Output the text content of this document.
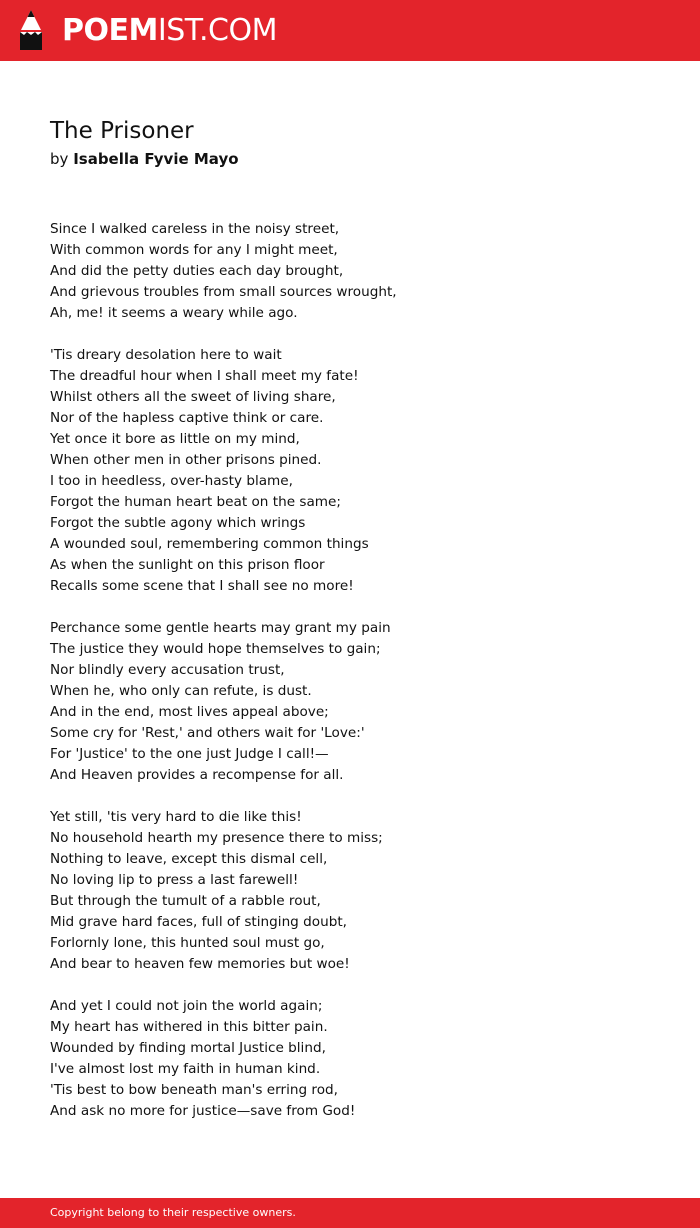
POEMIST.COM
The Prisoner
by Isabella Fyvie Mayo
Since I walked careless in the noisy street,
With common words for any I might meet,
And did the petty duties each day brought,
And grievous troubles from small sources wrought,
Ah, me! it seems a weary while ago.
'Tis dreary desolation here to wait
The dreadful hour when I shall meet my fate!
Whilst others all the sweet of living share,
Nor of the hapless captive think or care.
Yet once it bore as little on my mind,
When other men in other prisons pined.
I too in heedless, over-hasty blame,
Forgot the human heart beat on the same;
Forgot the subtle agony which wrings
A wounded soul, remembering common things
As when the sunlight on this prison floor
Recalls some scene that I shall see no more!
Perchance some gentle hearts may grant my pain
The justice they would hope themselves to gain;
Nor blindly every accusation trust,
When he, who only can refute, is dust.
And in the end, most lives appeal above;
Some cry for 'Rest,' and others wait for 'Love:'
For 'Justice' to the one just Judge I call!—
And Heaven provides a recompense for all.
Yet still, 'tis very hard to die like this!
No household hearth my presence there to miss;
Nothing to leave, except this dismal cell,
No loving lip to press a last farewell!
But through the tumult of a rabble rout,
Mid grave hard faces, full of stinging doubt,
Forlornly lone, this hunted soul must go,
And bear to heaven few memories but woe!
And yet I could not join the world again;
My heart has withered in this bitter pain.
Wounded by finding mortal Justice blind,
I've almost lost my faith in human kind.
'Tis best to bow beneath man's erring rod,
And ask no more for justice—save from God!
Copyright belong to their respective owners.
